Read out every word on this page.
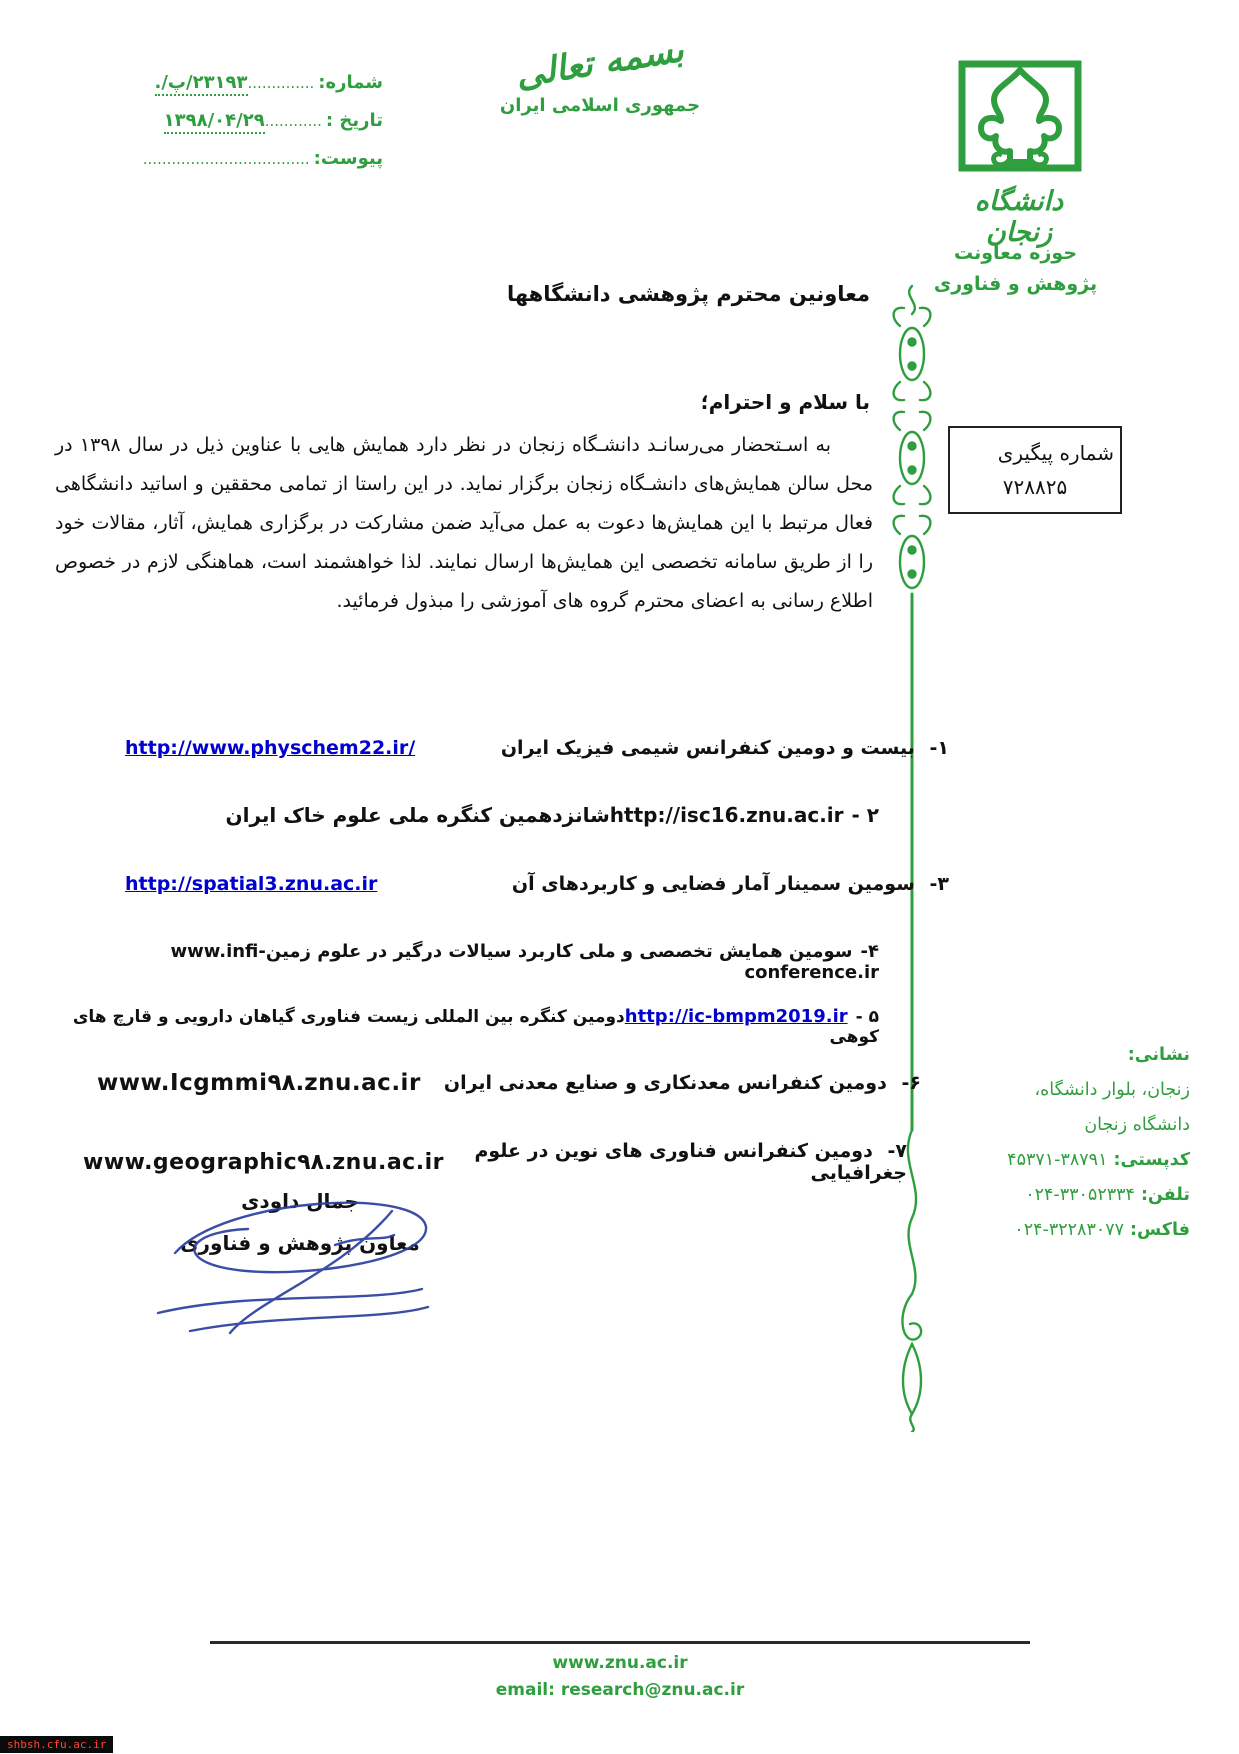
شماره:..............۲۳۱۹۳/پ/.
تاریخ :............۱۳۹۸/۰۴/۲۹
پیوست:...................................
بسمه تعالی
جمهوری اسلامی ایران
دانشگاه زنجان
حوزه معاونت
پژوهش و فناوری
شماره پیگیری
۷۲۸۸۲۵
معاونین محترم پژوهشی دانشگاهها
با سلام و احترام؛
به اسـتحضار می‌رسانـد دانشـگاه زنجان در نظر دارد همایش هایی با عناوین ذیل در سال ۱۳۹۸ در محل سالن همایش‌های دانشـگاه زنجان برگزار نماید. در این راستا از تمامی محققین و اساتید دانشگاهی فعال مرتبط با این همایش‌ها دعوت به عمل می‌آید ضمن مشارکت در برگزاری همایش، آثار، مقالات خود را از طریق سامانه تخصصی این همایش‌ها ارسال نمایند. لذا خواهشمند است، هماهنگی لازم در خصوص اطلاع رسانی به اعضای محترم گروه های آموزشی را مبذول فرمائید.
۱- بیست و دومین کنفرانس شیمی فیزیک ایران
http://www.physchem22.ir/
۲ -http://isc16.znu.ac.irشانزدهمین کنگره ملی علوم خاک ایران
۳- سومین سمینار آمار فضایی و کاربردهای آن
http://spatial3.znu.ac.ir
۴-سومین همایش تخصصی و ملی کاربرد سیالات درگیر در علوم زمینwww.infi-conference.ir
۵ -http://ic-bmpm2019.irدومین کنگره بین المللی زیست فناوری گیاهان دارویی و قارچ های کوهی
۶- دومین کنفرانس معدنکاری و صنایع معدنی ایران
www.Icgmmi۹۸.znu.ac.ir
۷- دومین کنفرانس فناوری های نوین در علوم جغرافیایی
www.geographic۹۸.znu.ac.ir
جمال داودی
معاون پژوهش و فناوری
نشانی:
زنجان، بلوار دانشگاه،
دانشگاه زنجان
کدپستی:۴۵۳۷۱-۳۸۷۹۱
تلفن:۰۲۴-۳۳۰۵۲۳۳۴
فاکس:۰۲۴-۳۲۲۸۳۰۷۷
www.znu.ac.ir
email: research@znu.ac.ir
shbsh.cfu.ac.ir
